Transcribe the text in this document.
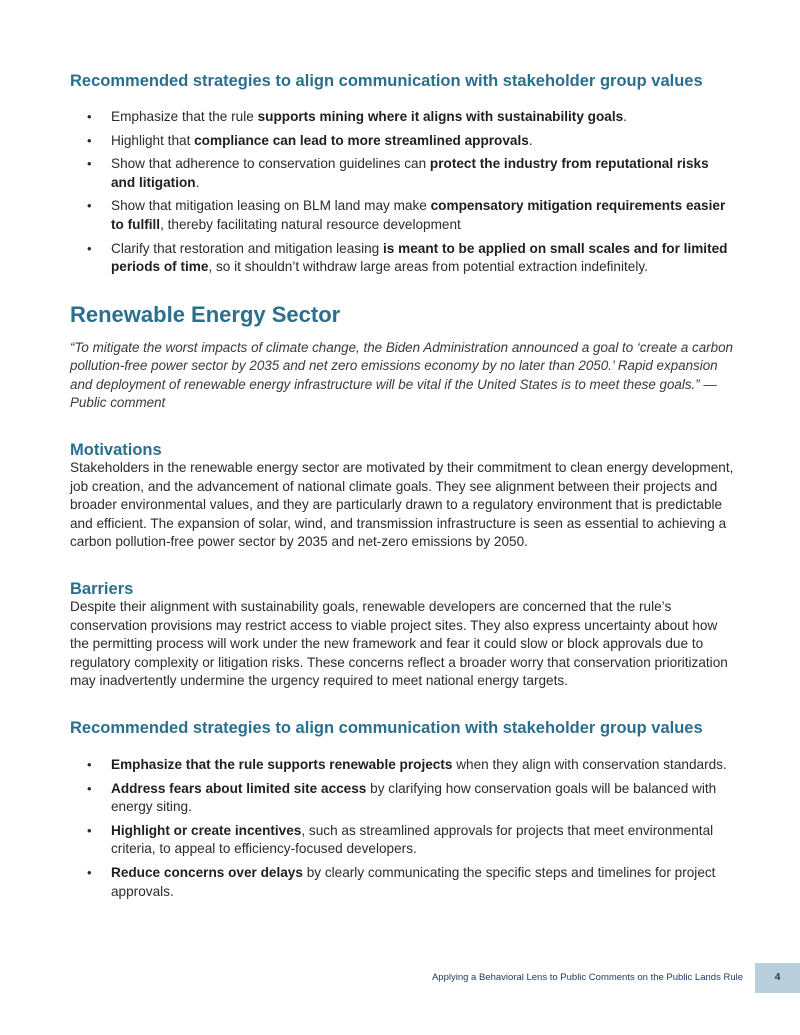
Recommended strategies to align communication with stakeholder group values
• Emphasize that the rule supports mining where it aligns with sustainability goals.
• Highlight that compliance can lead to more streamlined approvals.
• Show that adherence to conservation guidelines can protect the industry from reputational risks and litigation.
• Show that mitigation leasing on BLM land may make compensatory mitigation requirements easier to fulfill, thereby facilitating natural resource development
• Clarify that restoration and mitigation leasing is meant to be applied on small scales and for limited periods of time, so it shouldn’t withdraw large areas from potential extraction indefinitely.
Renewable Energy Sector

“To mitigate the worst impacts of climate change, the Biden Administration announced a goal to ‘create a carbon pollution-free power sector by 2035 and net zero emissions economy by no later than 2050.’ Rapid expansion and deployment of renewable energy infrastructure will be vital if the United States is to meet these goals.” — Public comment

Motivations

Stakeholders in the renewable energy sector are motivated by their commitment to clean energy development, job creation, and the advancement of national climate goals. They see alignment between their projects and broader environmental values, and they are particularly drawn to a regulatory environment that is predictable and efficient. The expansion of solar, wind, and transmission infrastructure is seen as essential to achieving a carbon pollution-free power sector by 2035 and net-zero emissions by 2050.

Barriers

Despite their alignment with sustainability goals, renewable developers are concerned that the rule’s conservation provisions may restrict access to viable project sites. They also express uncertainty about how the permitting process will work under the new framework and fear it could slow or block approvals due to regulatory complexity or litigation risks. These concerns reflect a broader worry that conservation prioritization may inadvertently undermine the urgency required to meet national energy targets.

Recommended strategies to align communication with stakeholder group values
• Emphasize that the rule supports renewable projects when they align with conservation standards.
• Address fears about limited site access by clarifying how conservation goals will be balanced with energy siting.
• Highlight or create incentives, such as streamlined approvals for projects that meet environmental criteria, to appeal to efficiency-focused developers.
• Reduce concerns over delays by clearly communicating the specific steps and timelines for project approvals.
Applying a Behavioral Lens to Public Comments on the Public Lands Rule	4
